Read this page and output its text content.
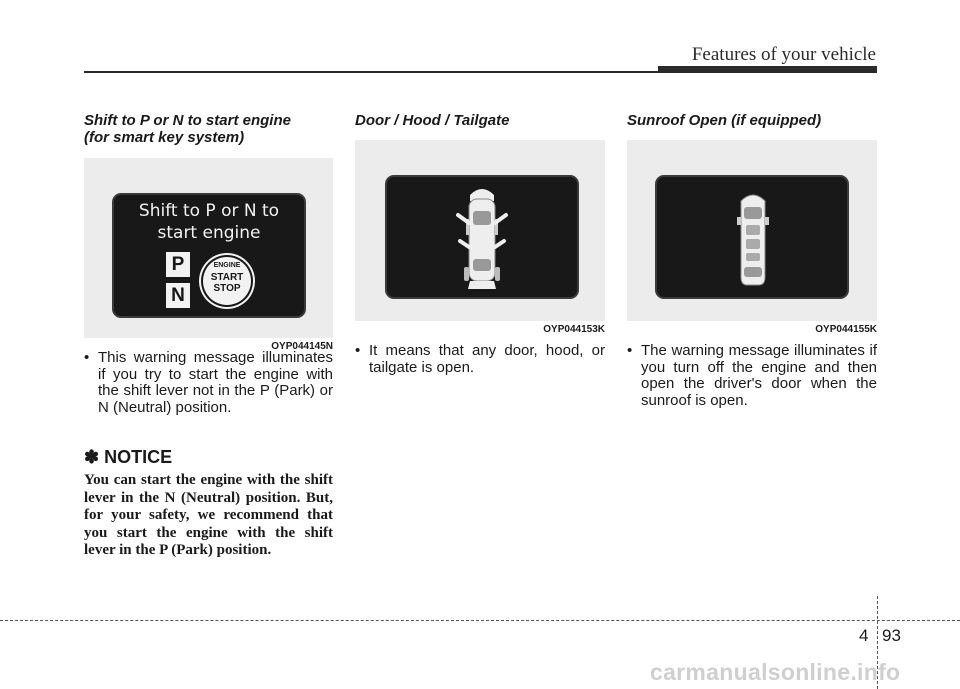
Features of your vehicle
Shift to P or N to start engine
(for smart key system)
Shift to P or N to
start engine
P
N
ENGINE
START
STOP
OYP044145N
• This warning message illuminates if you try to start the engine with the shift lever not in the P (Park) or N (Neutral) position.
✽ NOTICE
You can start the engine with the shift lever in the N (Neutral) position. But, for your safety, we recommend that you start the engine with the shift lever in the P (Park) position.
Door / Hood / Tailgate
OYP044153K
• It means that any door, hood, or tailgate is open.
Sunroof Open (if equipped)
OYP044155K
• The warning message illuminates if you turn off the engine and then open the driver's door when the sunroof is open.
4 93
carmanualsonline.info
